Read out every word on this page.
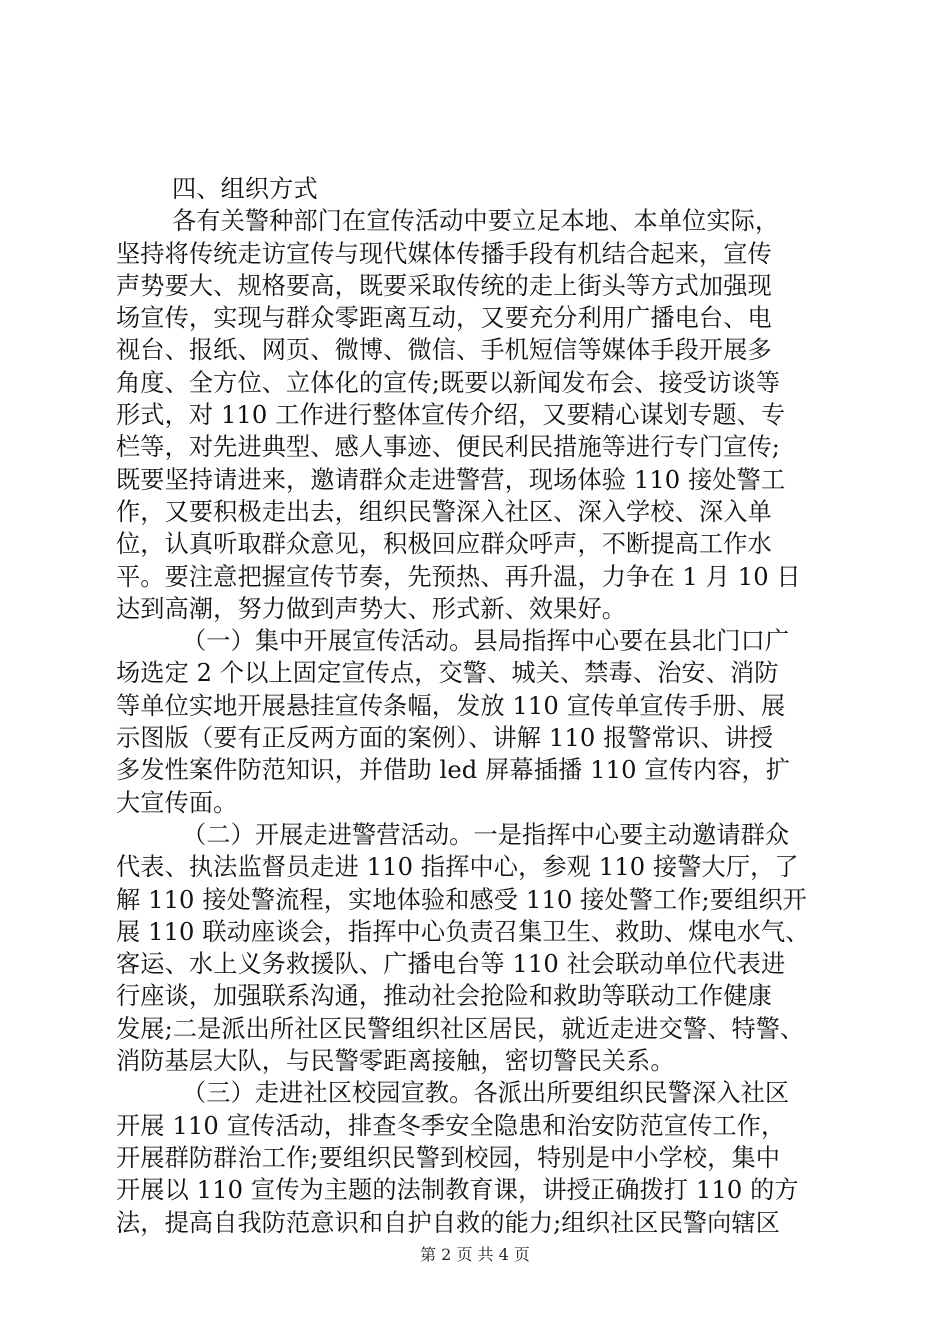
四、组织方式
各有关警种部门在宣传活动中要立足本地、本单位实际，
坚持将传统走访宣传与现代媒体传播手段有机结合起来，宣传
声势要大、规格要高，既要采取传统的走上街头等方式加强现
场宣传，实现与群众零距离互动，又要充分利用广播电台、电
视台、报纸、网页、微博、微信、手机短信等媒体手段开展多
角度、全方位、立体化的宣传;既要以新闻发布会、接受访谈等
形式，对 110 工作进行整体宣传介绍，又要精心谋划专题、专
栏等，对先进典型、感人事迹、便民利民措施等进行专门宣传;
既要坚持请进来，邀请群众走进警营，现场体验 110 接处警工
作，又要积极走出去，组织民警深入社区、深入学校、深入单
位，认真听取群众意见，积极回应群众呼声，不断提高工作水
平。要注意把握宣传节奏，先预热、再升温，力争在 1 月 10 日
达到高潮，努力做到声势大、形式新、效果好。
（一）集中开展宣传活动。县局指挥中心要在县北门口广
场选定 2 个以上固定宣传点，交警、城关、禁毒、治安、消防
等单位实地开展悬挂宣传条幅，发放 110 宣传单宣传手册、展
示图版（要有正反两方面的案例）、讲解 110 报警常识、讲授
多发性案件防范知识，并借助 led 屏幕插播 110 宣传内容，扩
大宣传面。
（二）开展走进警营活动。一是指挥中心要主动邀请群众
代表、执法监督员走进 110 指挥中心，参观 110 接警大厅，了
解 110 接处警流程，实地体验和感受 110 接处警工作;要组织开
展 110 联动座谈会，指挥中心负责召集卫生、救助、煤电水气、
客运、水上义务救援队、广播电台等 110 社会联动单位代表进
行座谈，加强联系沟通，推动社会抢险和救助等联动工作健康
发展;二是派出所社区民警组织社区居民，就近走进交警、特警、
消防基层大队，与民警零距离接触，密切警民关系。
（三）走进社区校园宣教。各派出所要组织民警深入社区
开展 110 宣传活动，排查冬季安全隐患和治安防范宣传工作，
开展群防群治工作;要组织民警到校园，特别是中小学校，集中
开展以 110 宣传为主题的法制教育课，讲授正确拨打 110 的方
法，提高自我防范意识和自护自救的能力;组织社区民警向辖区
第 2 页 共 4 页
